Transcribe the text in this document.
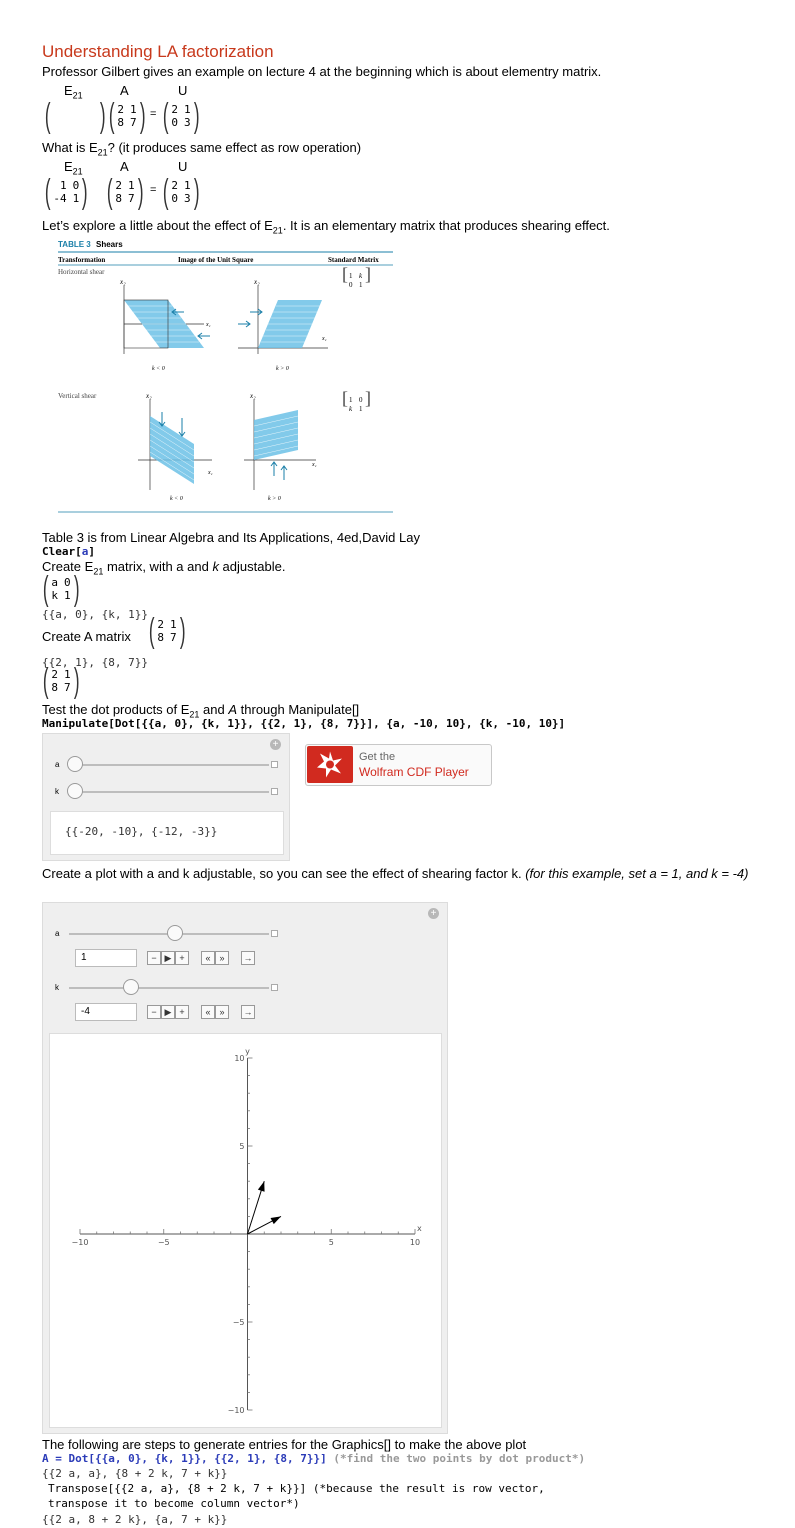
Understanding LA factorization
Professor Gilbert gives an example on lecture 4 at the beginning which is about elementry matrix.
$E_{21}$	A	U
( ) ( 2 1
8 7 ) = ( 2 1
0 3 )
What is $E_{21}$? (it produces same effect as row operation)
$E_{21}$	A	U
( 1 0
-4 1 ) ( 2 1
8 7 ) = ( 2 1
0 3 )
Let’s explore a little about the effect of $E_{21}$. It is an elementary matrix that produces shearing effect.
TABLE 3 Shears
Transformation	Image of the Unit Square	Standard Matrix
Horizontal shear
Vertical shear
x₂
x₁
k < 0
x₂
x₁
k > 0
[ 1 k
0 1
]
[ 1 0
k 1
]
x₂
x₁
k < 0
x₂
x₁
k > 0
Table 3 is from Linear Algebra and Its Applications, 4ed,David Lay
Clear[a]
Create $E_{21}$ matrix, with a and k adjustable.
( a 0
k 1 )
{{a, 0}, {k, 1}}
Create A matrix ( 2 1
8 7 )
{{2, 1}, {8, 7}}
( 2 1
8 7 )
Test the dot products of $E_{21}$ and A through Manipulate[]
Manipulate[Dot[{{a, 0}, {k, 1}}, {{2, 1}, {8, 7}}], {a, -10, 10}, {k, -10, 10}]
+
a
k
{{-20, -10}, {-12, -3}}
Get the
Wolfram CDF Player
Create a plot with a and k adjustable, so you can see the effect of shearing factor k. (for this example, set a = 1, and k = -4)
+
a
1	− ▶ +	« »	→
k
-4	− ▶ +	« »	→
−10	−5	5	10
10
5
−5
−10
x
y
The following are steps to generate entries for the Graphics[] to make the above plot
A = Dot[{{a, 0}, {k, 1}}, {{2, 1}, {8, 7}}] (*find the two points by dot product*)
{{2 a, a}, {8 + 2 k, 7 + k}}
Transpose[{{2 a, a}, {8 + 2 k, 7 + k}}] (*because the result is row vector,
transpose it to become column vector*)
{{2 a, 8 + 2 k}, {a, 7 + k}}
